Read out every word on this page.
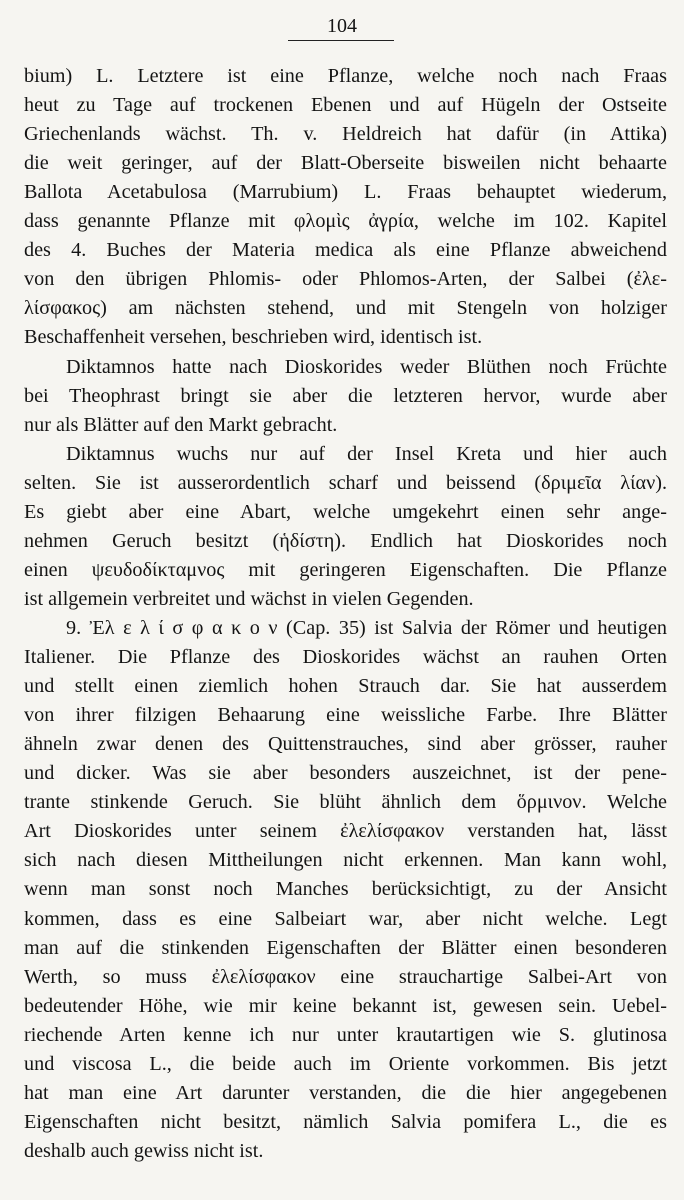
104
bium) L. Letztere ist eine Pflanze, welche noch nach Fraas
heut zu Tage auf trockenen Ebenen und auf Hügeln der Ostseite
Griechenlands wächst. Th. v. Heldreich hat dafür (in Attika)
die weit geringer, auf der Blatt-Oberseite bisweilen nicht behaarte
Ballota Acetabulosa (Marrubium) L. Fraas behauptet wiederum,
dass genannte Pflanze mit φλομὶς ἀγρία, welche im 102. Kapitel
des 4. Buches der Materia medica als eine Pflanze abweichend
von den übrigen Phlomis- oder Phlomos-Arten, der Salbei (ἐλε-
λίσφακος) am nächsten stehend, und mit Stengeln von holziger
Beschaffenheit versehen, beschrieben wird, identisch ist.
Diktamnos hatte nach Dioskorides weder Blüthen noch Früchte
bei Theophrast bringt sie aber die letzteren hervor, wurde aber
nur als Blätter auf den Markt gebracht.
Diktamnus wuchs nur auf der Insel Kreta und hier auch
selten. Sie ist ausserordentlich scharf und beissend (δριμεῖα λίαν).
Es giebt aber eine Abart, welche umgekehrt einen sehr ange-
nehmen Geruch besitzt (ἡδίστη). Endlich hat Dioskorides noch
einen ψευδοδίκταμνος mit geringeren Eigenschaften. Die Pflanze
ist allgemein verbreitet und wächst in vielen Gegenden.
9. Ἐλ ε λ ί σ φ α κ ο ν (Cap. 35) ist Salvia der Römer und heutigen
Italiener. Die Pflanze des Dioskorides wächst an rauhen Orten
und stellt einen ziemlich hohen Strauch dar. Sie hat ausserdem
von ihrer filzigen Behaarung eine weissliche Farbe. Ihre Blätter
ähneln zwar denen des Quittenstrauches, sind aber grösser, rauher
und dicker. Was sie aber besonders auszeichnet, ist der pene-
trante stinkende Geruch. Sie blüht ähnlich dem ὅρμινον. Welche
Art Dioskorides unter seinem ἐλελίσφακον verstanden hat, lässt
sich nach diesen Mittheilungen nicht erkennen. Man kann wohl,
wenn man sonst noch Manches berücksichtigt, zu der Ansicht
kommen, dass es eine Salbeiart war, aber nicht welche. Legt
man auf die stinkenden Eigenschaften der Blätter einen besonderen
Werth, so muss ἐλελίσφακον eine strauchartige Salbei-Art von
bedeutender Höhe, wie mir keine bekannt ist, gewesen sein. Uebel-
riechende Arten kenne ich nur unter krautartigen wie S. glutinosa
und viscosa L., die beide auch im Oriente vorkommen. Bis jetzt
hat man eine Art darunter verstanden, die die hier angegebenen
Eigenschaften nicht besitzt, nämlich Salvia pomifera L., die es
deshalb auch gewiss nicht ist.
